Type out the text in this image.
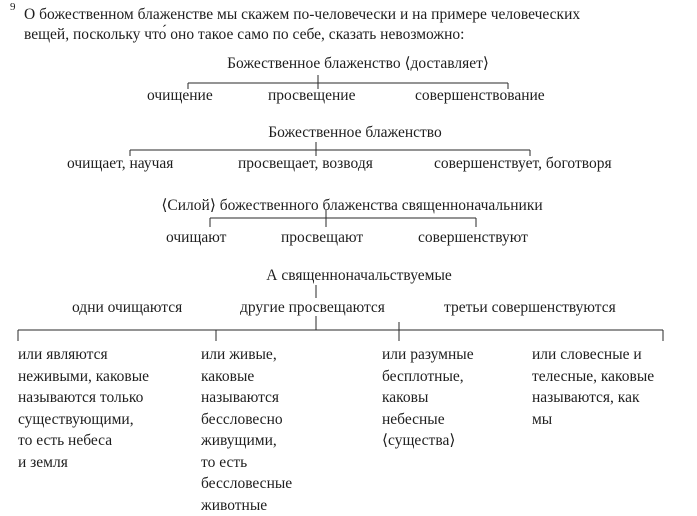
9 О божественном блаженстве мы скажем по-человечески и на примере человеческих
вещей, поскольку что́ оно такое само по себе, сказать невозможно:
Божественное блаженство ⟨доставляет⟩
очищение	просвещение	совершенствование
Божественное блаженство
очищает, научая	просвещает, возводя	совершенствует, боготворя
⟨Силой⟩ божественного блаженства священноначальники
очищают	просвещают	совершенствуют
А священноначальствуемые
одни очищаются	другие просвещаются	третьи совершенствуются
или являются
неживыми, каковые
называются только
существующими,
то есть небеса
и земля
или живые,
каковые
называются
бессловесно
живущими,
то есть
бессловесные
животные
или разумные
бесплотные,
каковы
небесные
⟨существа⟩
или словесные и
телесные, каковые
называются, как
мы
